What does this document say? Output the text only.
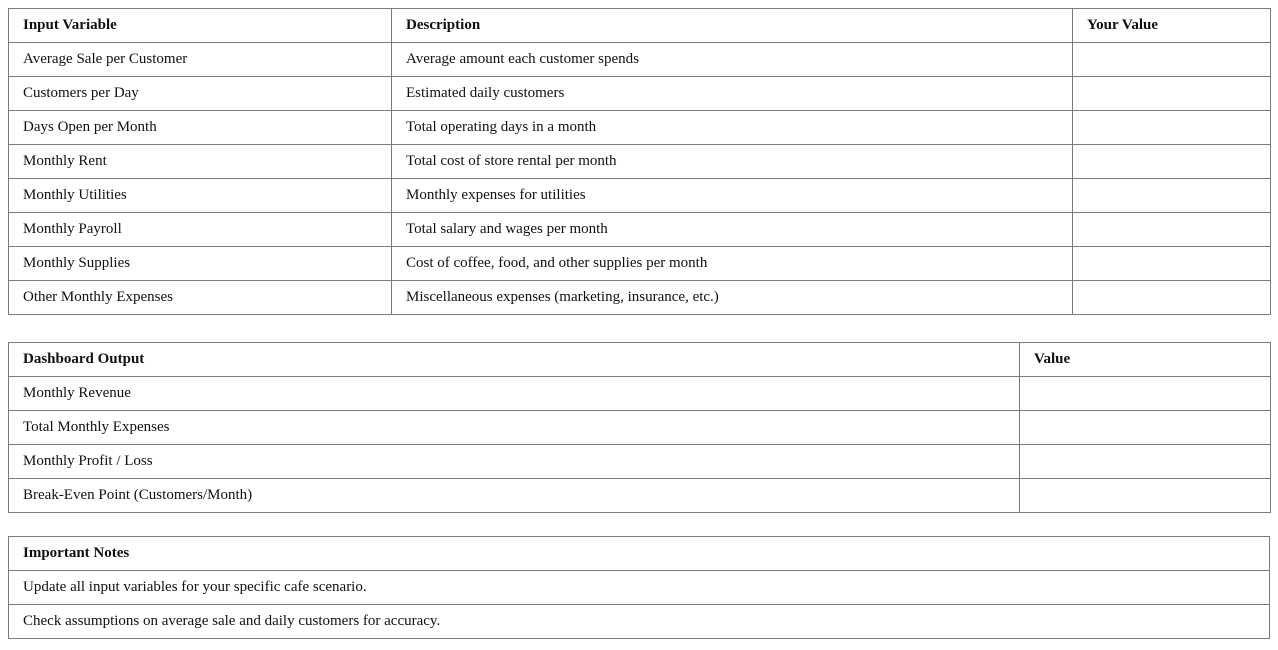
Input Variable	Description	Your Value
Average Sale per Customer	Average amount each customer spends	
Customers per Day	Estimated daily customers	
Days Open per Month	Total operating days in a month	
Monthly Rent	Total cost of store rental per month	
Monthly Utilities	Monthly expenses for utilities	
Monthly Payroll	Total salary and wages per month	
Monthly Supplies	Cost of coffee, food, and other supplies per month	
Other Monthly Expenses	Miscellaneous expenses (marketing, insurance, etc.)	
Dashboard Output	Value
Monthly Revenue	
Total Monthly Expenses	
Monthly Profit / Loss	
Break-Even Point (Customers/Month)	
Important Notes
Update all input variables for your specific cafe scenario.
Check assumptions on average sale and daily customers for accuracy.
